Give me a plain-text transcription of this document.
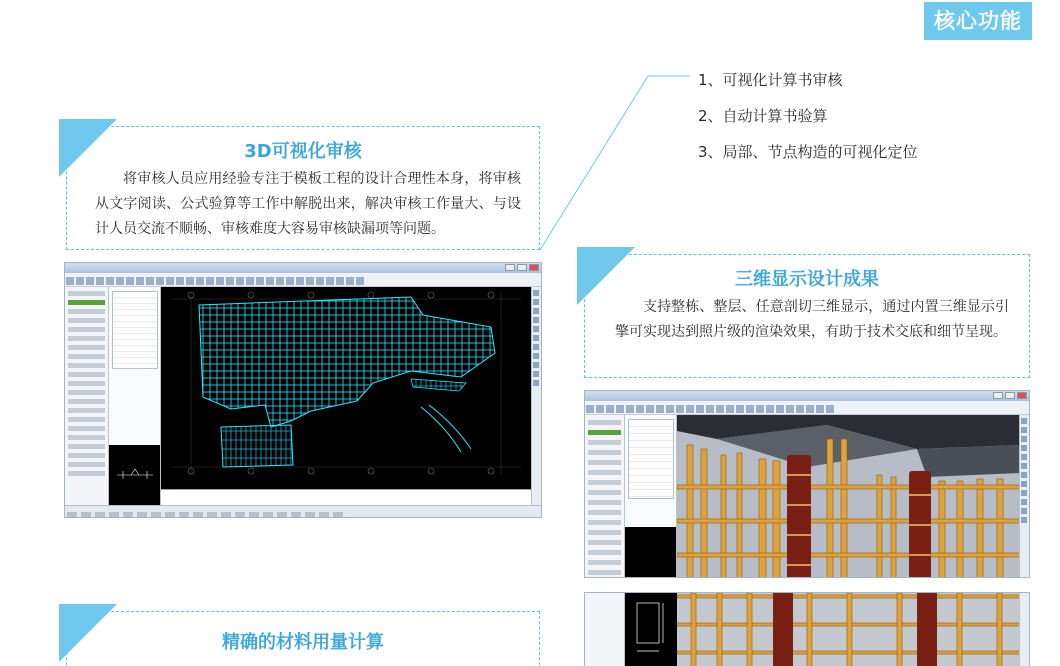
核心功能
1、可视化计算书审核
2、自动计算书验算
3、局部、节点构造的可视化定位
3D可视化审核
将审核人员应用经验专注于模板工程的设计合理性本身，将审核从文字阅读、公式验算等工作中解脱出来，解决审核工作量大、与设计人员交流不顺畅、审核难度大容易审核缺漏项等问题。
三维显示设计成果
支持整栋、整层、任意剖切三维显示，通过内置三维显示引擎可实现达到照片级的渲染效果，有助于技术交底和细节呈现。
精确的材料用量计算
